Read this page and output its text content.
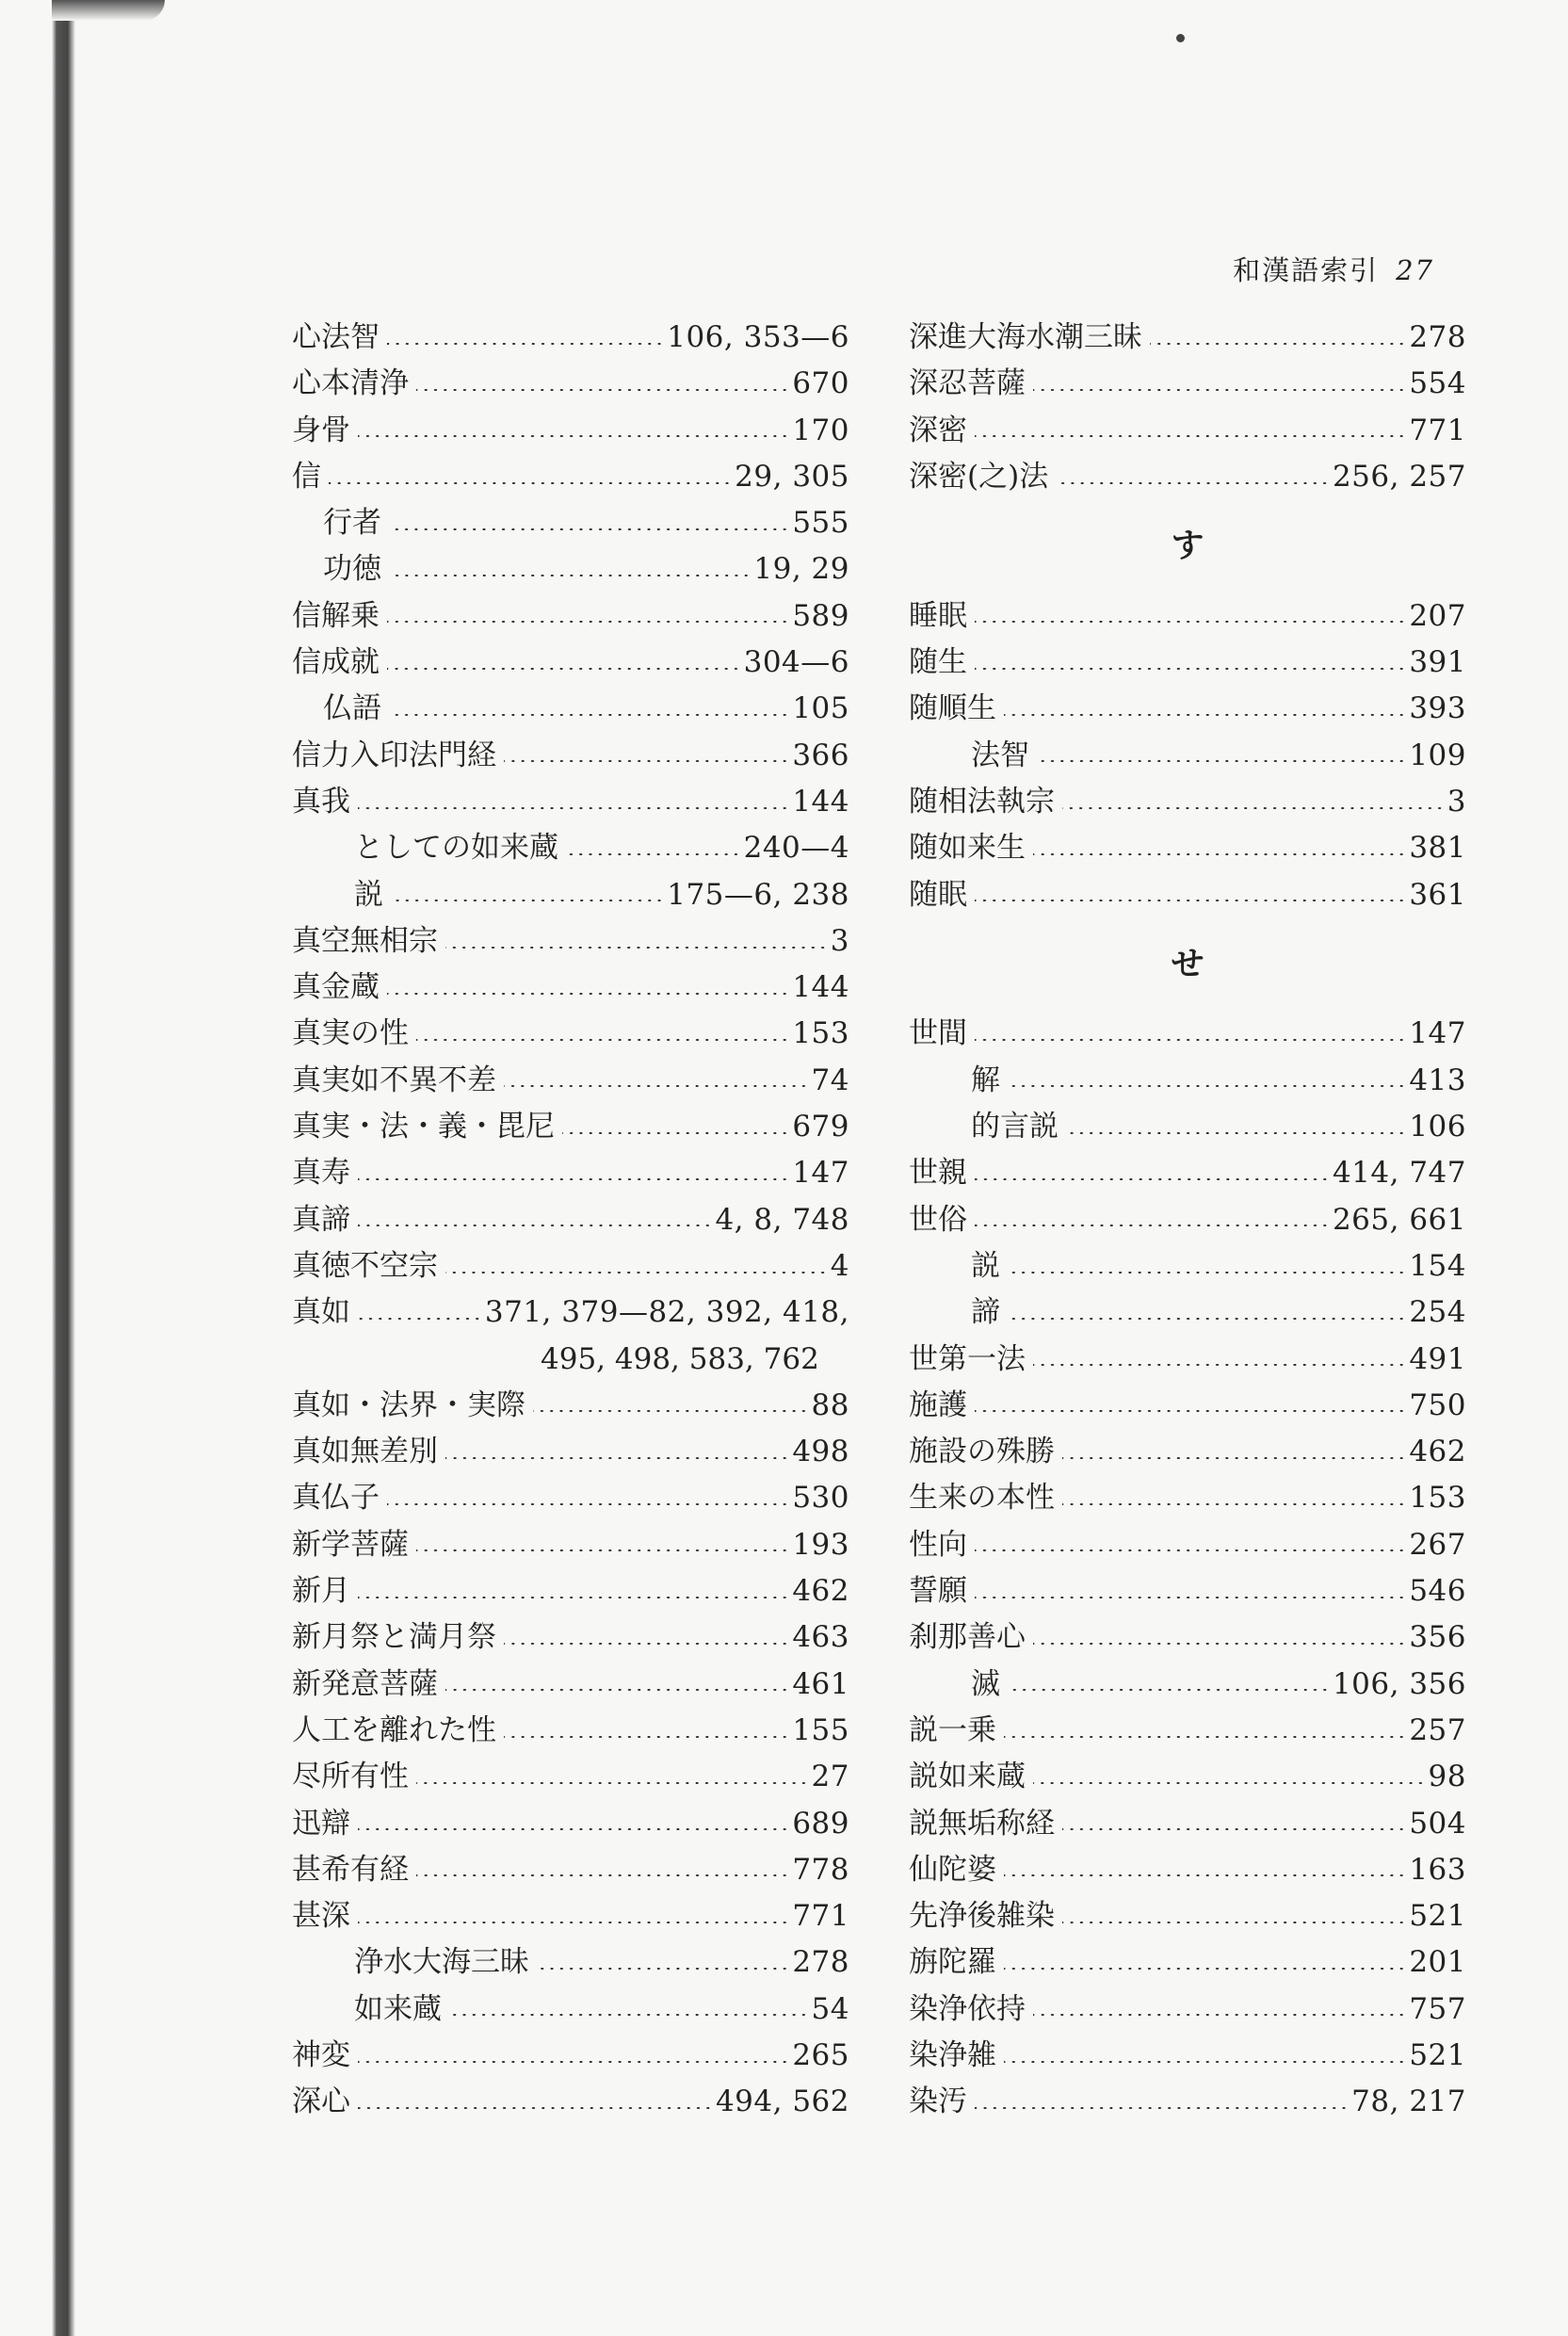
和漢語索引 27
心法智	106, 353—6
心本清浄	670
身骨	170
信	29, 305
行者	555
功徳	19, 29
信解乗	589
信成就	304—6
仏語	105
信力入印法門経	366
真我	144
としての如来蔵	240—4
説	175—6, 238
真空無相宗	3
真金蔵	144
真実の性	153
真実如不異不差	74
真実・法・義・毘尼	679
真寿	147
真諦	4, 8, 748
真徳不空宗	4
真如	371, 379—82, 392, 418,
495, 498, 583, 762
真如・法界・実際	88
真如無差別	498
真仏子	530
新学菩薩	193
新月	462
新月祭と満月祭	463
新発意菩薩	461
人工を離れた性	155
尽所有性	27
迅辯	689
甚希有経	778
甚深	771
浄水大海三昧	278
如来蔵	54
神変	265
深心	494, 562
深進大海水潮三昧	278
深忍菩薩	554
深密	771
深密(之)法	256, 257
す
睡眠	207
随生	391
随順生	393
法智	109
随相法執宗	3
随如来生	381
随眠	361
せ
世間	147
解	413
的言説	106
世親	414, 747
世俗	265, 661
説	154
諦	254
世第一法	491
施護	750
施設の殊勝	462
生来の本性	153
性向	267
誓願	546
刹那善心	356
滅	106, 356
説一乗	257
説如来蔵	98
説無垢称経	504
仙陀婆	163
先浄後雑染	521
旃陀羅	201
染浄依持	757
染浄雑	521
染汚	78, 217
